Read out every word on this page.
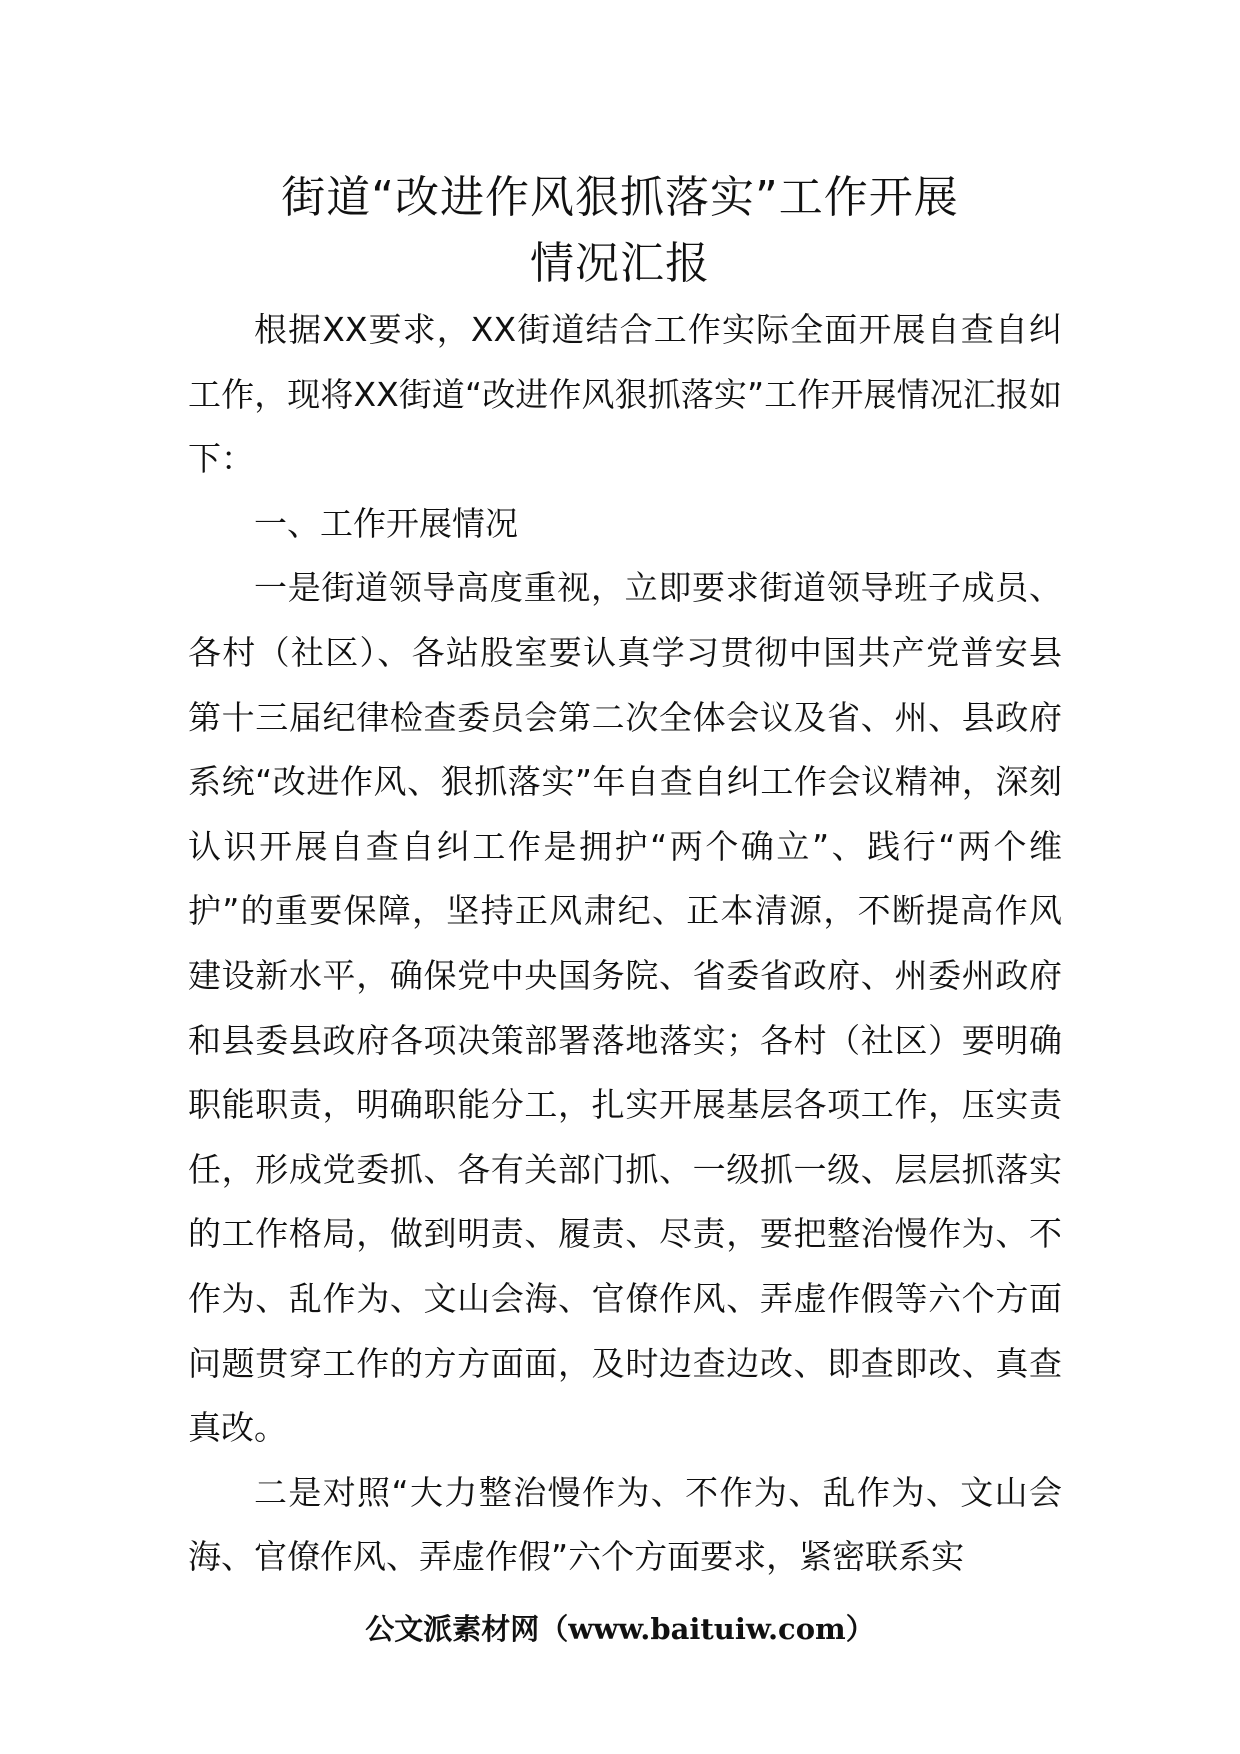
街道“改进作风狠抓落实”工作开展
情况汇报

根据XX要求，XX街道结合工作实际全面开展自查自纠工作，现将XX街道“改进作风狠抓落实”工作开展情况汇报如下：

一、工作开展情况

一是街道领导高度重视，立即要求街道领导班子成员、各村（社区）、各站股室要认真学习贯彻中国共产党普安县第十三届纪律检查委员会第二次全体会议及省、州、县政府系统“改进作风、狠抓落实”年自查自纠工作会议精神，深刻认识开展自查自纠工作是拥护“两个确立”、践行“两个维护”的重要保障，坚持正风肃纪、正本清源，不断提高作风建设新水平，确保党中央国务院、省委省政府、州委州政府和县委县政府各项决策部署落地落实；各村（社区）要明确职能职责，明确职能分工，扎实开展基层各项工作，压实责任，形成党委抓、各有关部门抓、一级抓一级、层层抓落实的工作格局，做到明责、履责、尽责，要把整治慢作为、不作为、乱作为、文山会海、官僚作风、弄虚作假等六个方面问题贯穿工作的方方面面，及时边查边改、即查即改、真查真改。

二是对照“大力整治慢作为、不作为、乱作为、文山会海、官僚作风、弄虚作假”六个方面要求，紧密联系实

公文派素材网（www.baituiw.com）
